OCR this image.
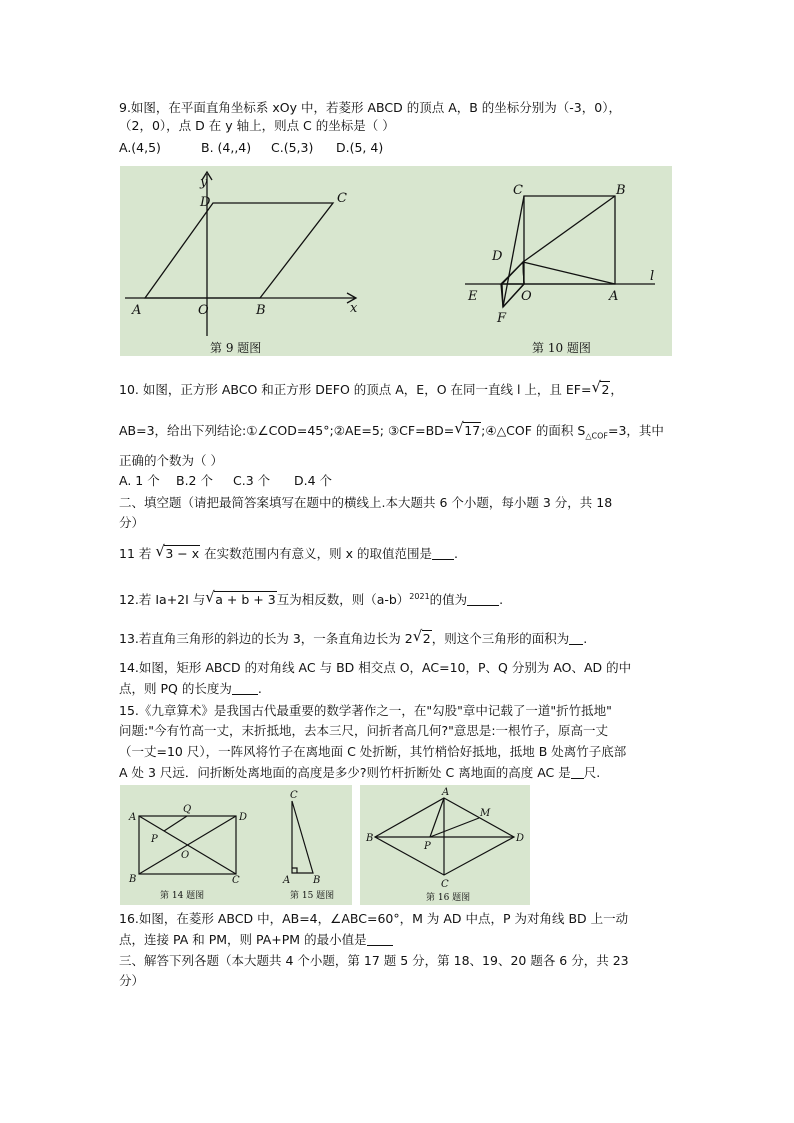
9.如图，在平面直角坐标系 xOy 中，若菱形 ABCD 的顶点 A，B 的坐标分别为（-3，0），
（2，0），点 D 在 y 轴上，则点 C 的坐标是（ ）
A.(4,5)	B. (4,,4) C.(5,3) D.(5, 4)
y
x
D	C
A	O	B
C	B
D
E	O	A
F
l
第 9 题图	第 10 题图
10. 如图，正方形 ABCO 和正方形 DEFO 的顶点 A，E，O 在同一直线 l 上，且 EF= √ 2，
AB=3，给出下列结论:①∠COD=45°;②AE=5; ③CF=BD= √ 17;④△COF 的面积 $S_{\triangle COF}=3$，其中
正确的个数为（ ）
A. 1 个 B.2 个 C.3 个 D.4 个
二、填空题（请把最简答案填写在题中的横线上.本大题共 6 个小题，每小题 3 分，共 18
分）
11 若 √ 3 − x 在实数范围内有意义，则 x 的取值范围是 .
12.若 Ia+2I 与 √ a + b + 3互为相反数，则$(a-b)^{2021}$的值为	.
13.若直角三角形的斜边的长为 3，一条直角边长为 2 √ 2，则这个三角形的面积为 .
14.如图，矩形 ABCD 的对角线 AC 与 BD 相交点 O，AC=10，P、Q 分别为 AO、AD 的中
点，则 PQ 的长度为 .
15.《九章算术》是我国古代最重要的数学著作之一，在"勾股"章中记载了一道"折竹抵地"
问题:"今有竹高一丈，末折抵地，去本三尺，问折者高几何?"意思是:一根竹子，原高一丈
（一丈=10 尺），一阵风将竹子在离地面 C 处折断，其竹梢恰好抵地，抵地 B 处离竹子底部
A 处 3 尺远．问折断处离地面的高度是多少?则竹杆折断处 C 离地面的高度 AC 是 尺.
A
Q
D
P
O
B	C
第 14 题图
C
A B
第 15 题图
A
M
B
P
D
C
第 16 题图
16.如图，在菱形 ABCD 中，AB=4，∠ABC=60°，M 为 AD 中点，P 为对角线 BD 上一动
点，连接 PA 和 PM，则 PA+PM 的最小值是
三、解答下列各题（本大题共 4 个小题，第 17 题 5 分，第 18、19、20 题各 6 分，共 23
分）
